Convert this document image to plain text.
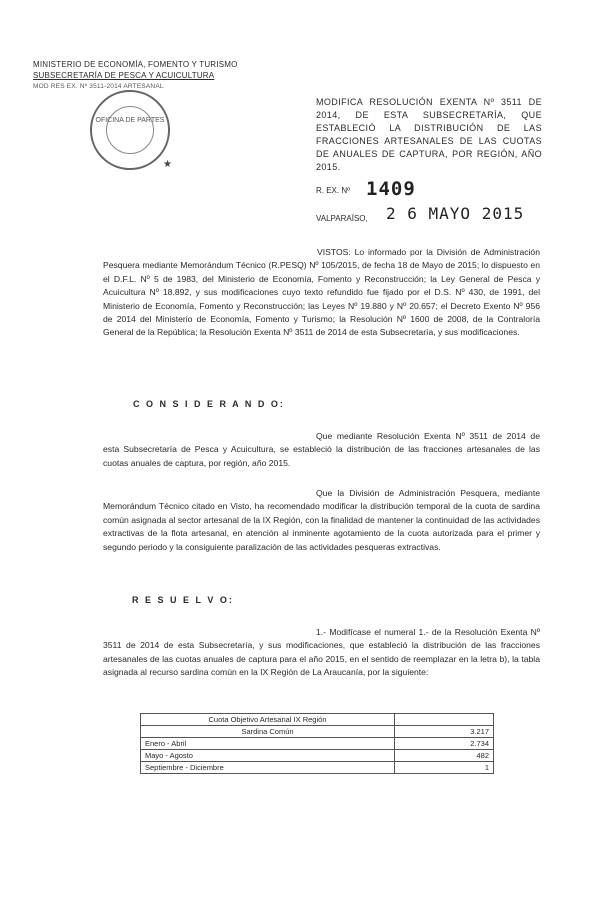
MINISTERIO DE ECONOMÍA, FOMENTO Y TURISMO
SUBSECRETARÍA DE PESCA Y ACUICULTURA
MOD RES EX. Nº 3511-2014 ARTESANAL
OFICINA DE PARTES
★
MODIFICA RESOLUCIÓN EXENTA Nº 3511 DE 2014, DE ESTA SUBSECRETARÍA, QUE ESTABLECIÓ LA DISTRIBUCIÓN DE LAS FRACCIONES ARTESANALES DE LAS CUOTAS DE ANUALES DE CAPTURA, POR REGIÓN, AÑO 2015.
R. EX. Nº 1409
VALPARAÍSO, 2 6 MAYO 2015
VISTOS: Lo informado por la División de Administración Pesquera mediante Memorándum Técnico (R.PESQ) Nº 105/2015, de fecha 18 de Mayo de 2015; lo dispuesto en el D.F.L. Nº 5 de 1983, del Ministerio de Economía, Fomento y Reconstrucción; la Ley General de Pesca y Acuicultura Nº 18.892, y sus modificaciones cuyo texto refundido fue fijado por el D.S. Nº 430, de 1991, del Ministerio de Economía, Fomento y Reconstrucción; las Leyes Nº 19.880 y Nº 20.657; el Decreto Exento Nº 956 de 2014 del Ministerio de Economía, Fomento y Turismo; la Resolución Nº 1600 de 2008, de la Contraloría General de la República; la Resolución Exenta Nº 3511 de 2014 de esta Subsecretaría, y sus modificaciones.
C O N S I D E R A N D O:
Que mediante Resolución Exenta Nº 3511 de 2014 de esta Subsecretaría de Pesca y Acuicultura, se estableció la distribución de las fracciones artesanales de las cuotas anuales de captura, por región, año 2015.
Que la División de Administración Pesquera, mediante Memorándum Técnico citado en Visto, ha recomendado modificar la distribución temporal de la cuota de sardina común asignada al sector artesanal de la IX Región, con la finalidad de mantener la continuidad de las actividades extractivas de la flota artesanal, en atención al inminente agotamiento de la cuota autorizada para el primer y segundo periodo y la consiguiente paralización de las actividades pesqueras extractivas.
R E S U E L V O:
1.- Modifícase el numeral 1.- de la Resolución Exenta Nº 3511 de 2014 de esta Subsecretaría, y sus modificaciones, que estableció la distribución de las fracciones artesanales de las cuotas anuales de captura para el año 2015, en el sentido de reemplazar en la letra b), la tabla asignada al recurso sardina común en la IX Región de La Araucanía, por la siguiente:
Cuota Objetivo Artesanal IX Región	
Sardina Común	3.217
Enero - Abril	2.734
Mayo - Agosto	482
Septiembre - Diciembre	1
